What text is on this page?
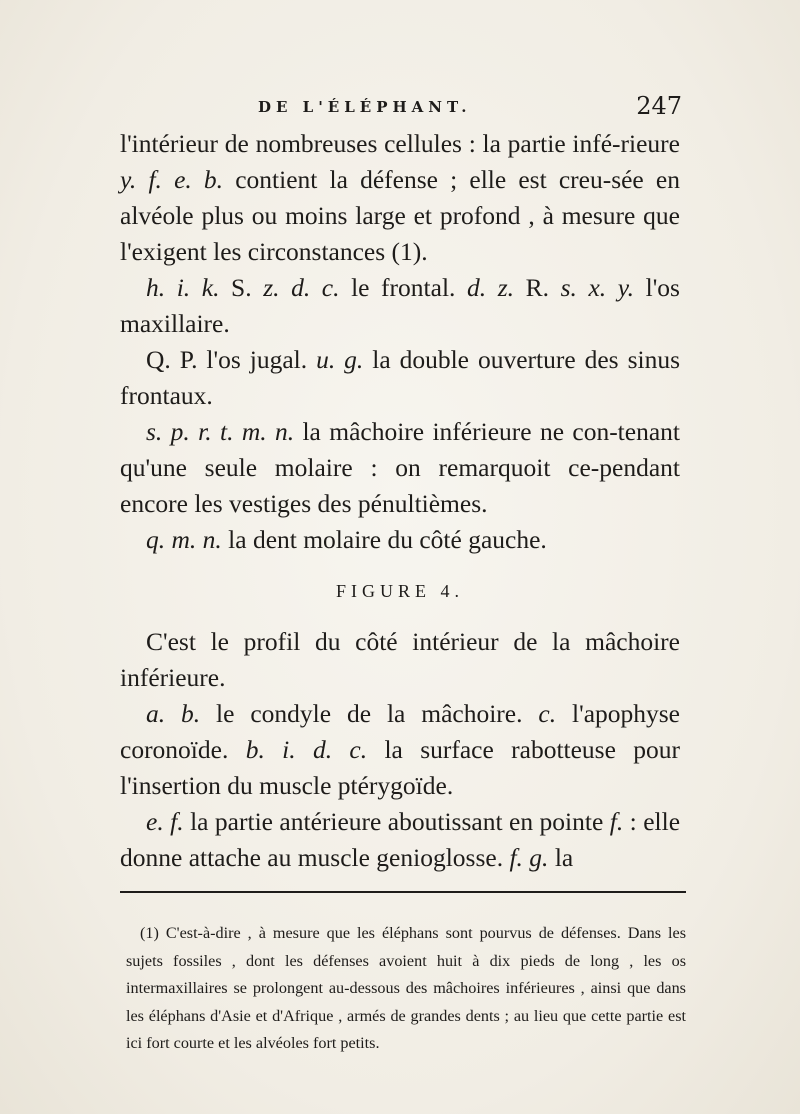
DE L'ÉLÉPHANT.	247

l'intérieur de nombreuses cellules : la partie infé-rieure y. f. e. b. contient la défense ; elle est creu-sée en alvéole plus ou moins large et profond , à mesure que l'exigent les circonstances (1).

h. i. k. S. z. d. c. le frontal. d. z. R. s. x. y. l'os maxillaire.

Q. P. l'os jugal. u. g. la double ouverture des sinus frontaux.

s. p. r. t. m. n. la mâchoire inférieure ne con-tenant qu'une seule molaire : on remarquoit ce-pendant encore les vestiges des pénultièmes.

q. m. n. la dent molaire du côté gauche.

FIGURE 4.

C'est le profil du côté intérieur de la mâchoire inférieure.

a. b. le condyle de la mâchoire. c. l'apophyse coronoïde. b. i. d. c. la surface rabotteuse pour l'insertion du muscle ptérygoïde.

e. f. la partie antérieure aboutissant en pointe f. : elle donne attache au muscle genioglosse. f. g. la

(1) C'est-à-dire , à mesure que les éléphans sont pourvus de défenses. Dans les sujets fossiles , dont les défenses avoient huit à dix pieds de long , les os intermaxillaires se prolongent au-dessous des mâchoires inférieures , ainsi que dans les éléphans d'Asie et d'Afrique , armés de grandes dents ; au lieu que cette partie est ici fort courte et les alvéoles fort petits.
